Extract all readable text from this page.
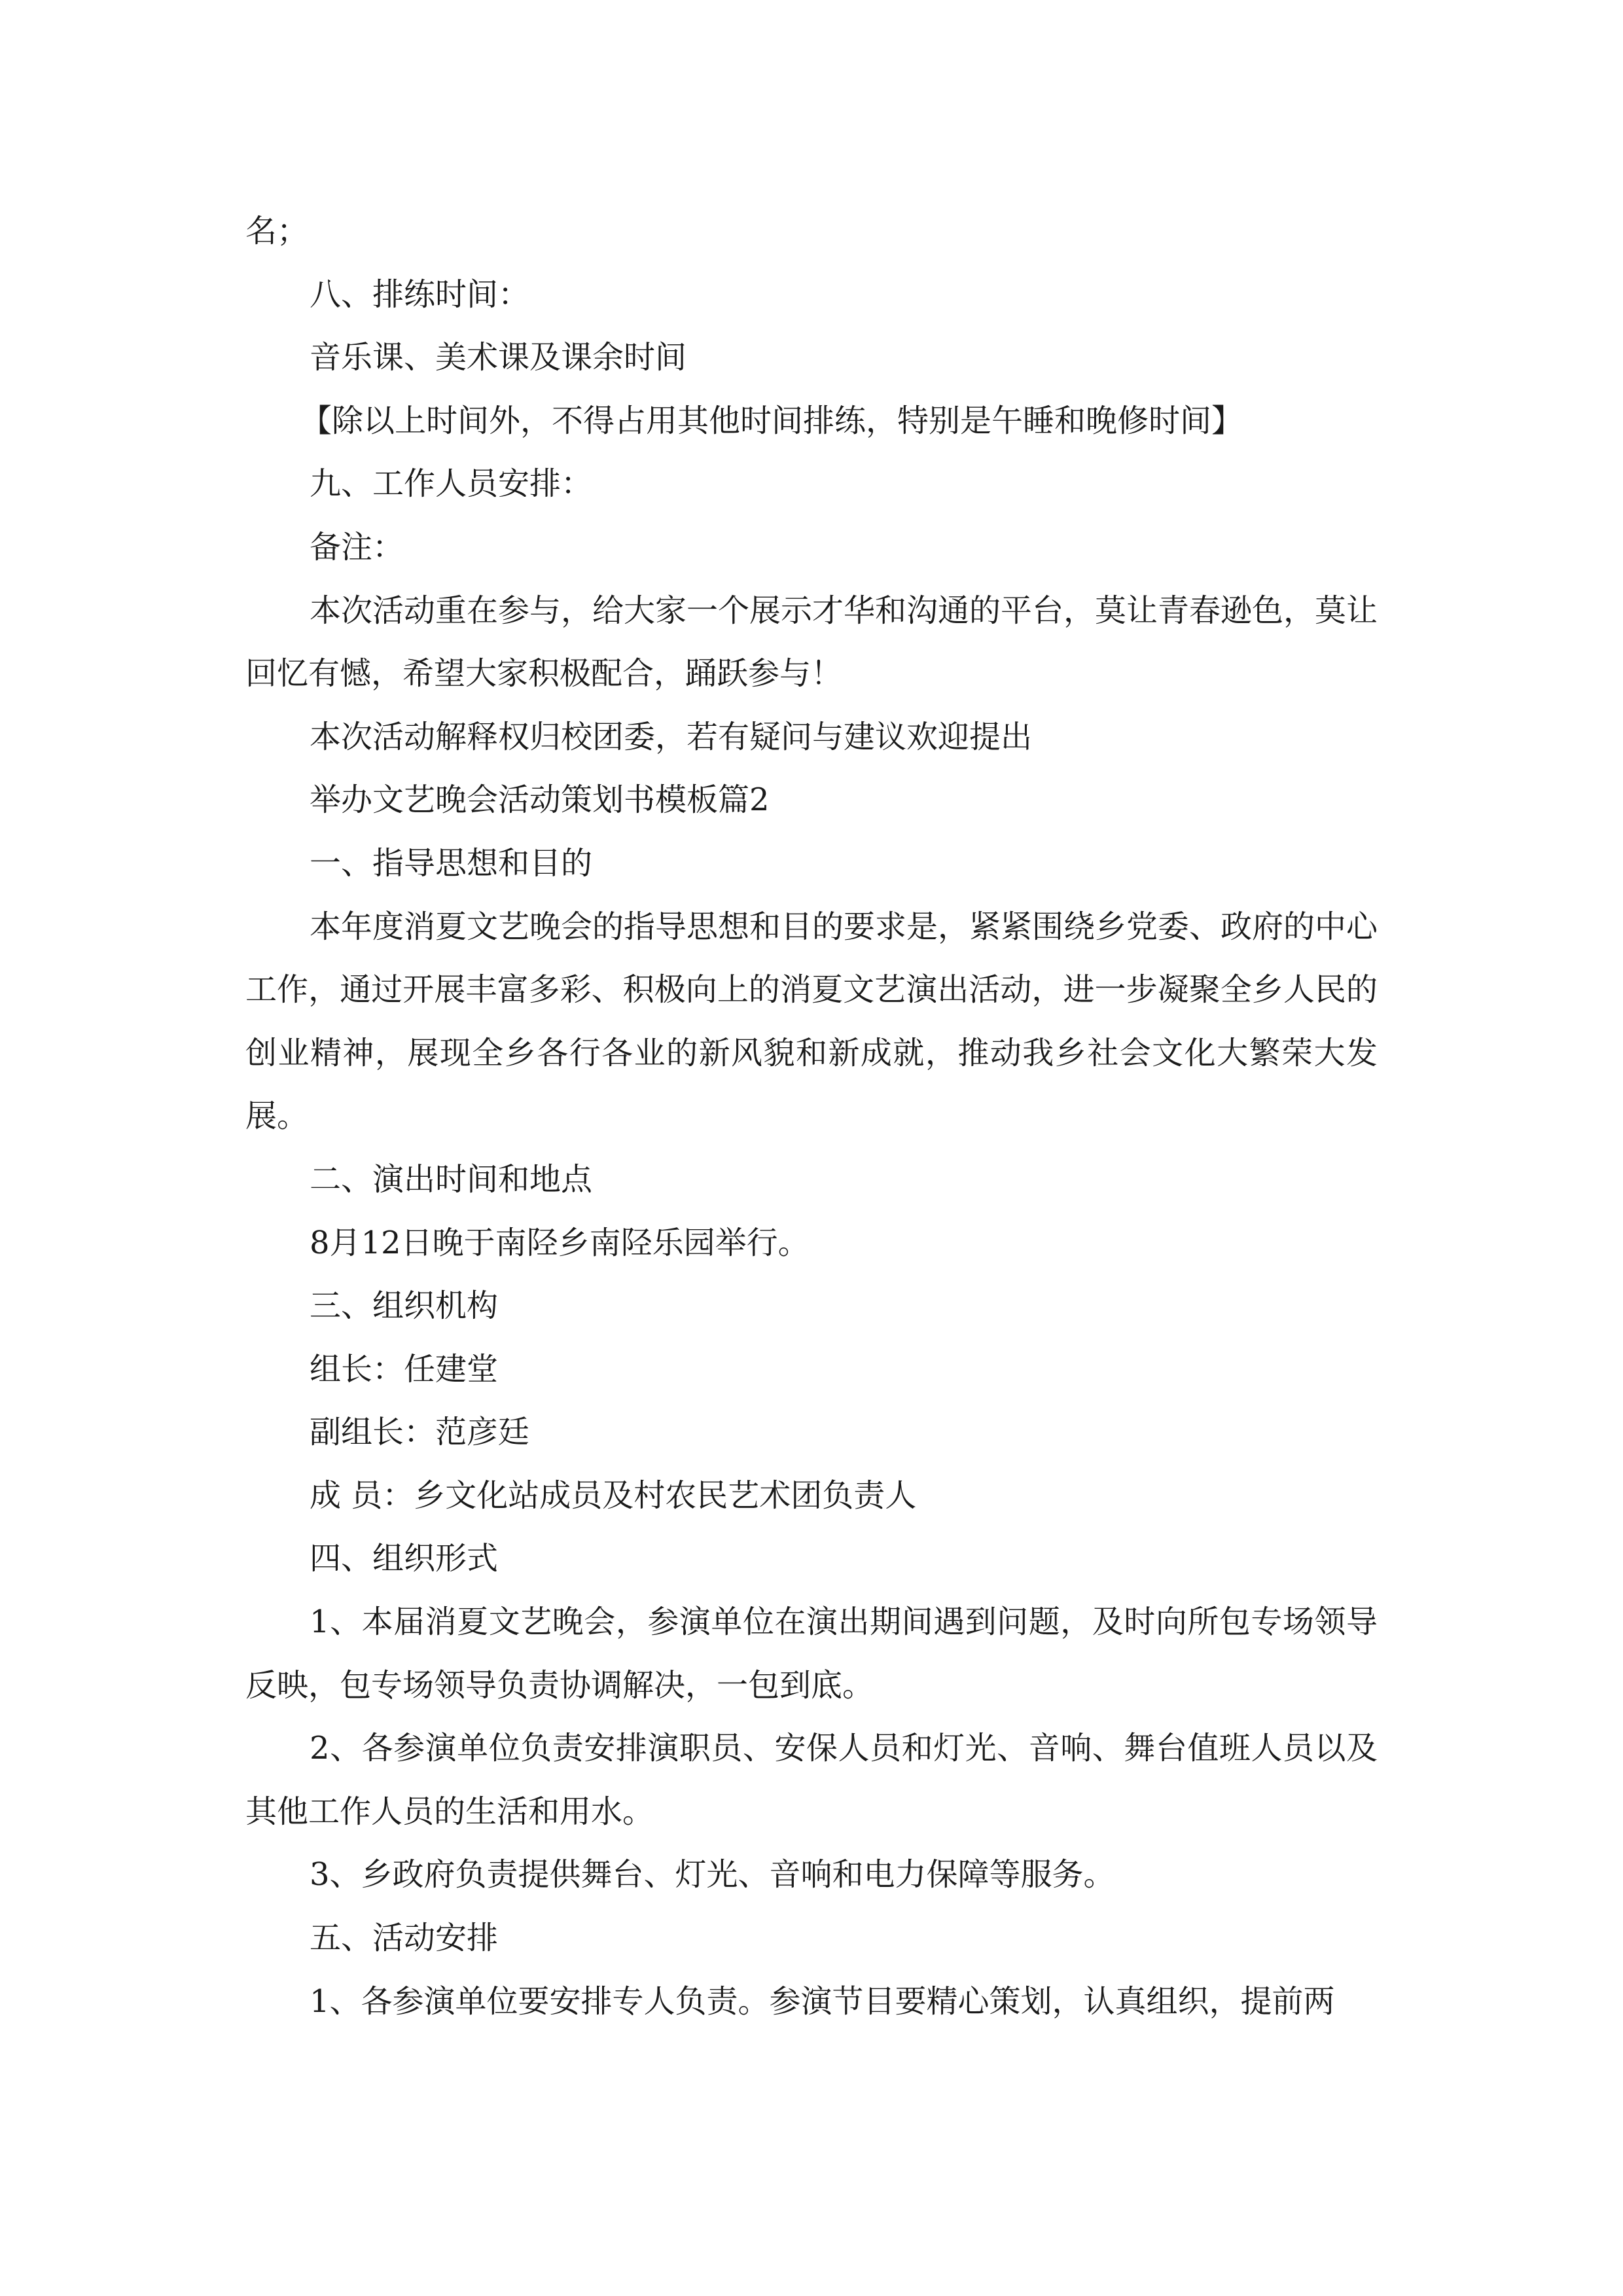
名；

八、排练时间：

音乐课、美术课及课余时间

【除以上时间外，不得占用其他时间排练，特别是午睡和晚修时间】

九、工作人员安排：

备注：

本次活动重在参与，给大家一个展示才华和沟通的平台，莫让青春逊色，莫让回忆有憾，希望大家积极配合，踊跃参与！

本次活动解释权归校团委，若有疑问与建议欢迎提出

举办文艺晚会活动策划书模板篇2

一、指导思想和目的

本年度消夏文艺晚会的指导思想和目的要求是，紧紧围绕乡党委、政府的中心工作，通过开展丰富多彩、积极向上的消夏文艺演出活动，进一步凝聚全乡人民的创业精神，展现全乡各行各业的新风貌和新成就，推动我乡社会文化大繁荣大发展。

二、演出时间和地点

8月12日晚于南陉乡南陉乐园举行。

三、组织机构

组长：任建堂

副组长：范彦廷

成 员：乡文化站成员及村农民艺术团负责人

四、组织形式

1、本届消夏文艺晚会，参演单位在演出期间遇到问题，及时向所包专场领导反映，包专场领导负责协调解决，一包到底。

2、各参演单位负责安排演职员、安保人员和灯光、音响、舞台值班人员以及其他工作人员的生活和用水。

3、乡政府负责提供舞台、灯光、音响和电力保障等服务。

五、活动安排

1、各参演单位要安排专人负责。参演节目要精心策划，认真组织，提前两
